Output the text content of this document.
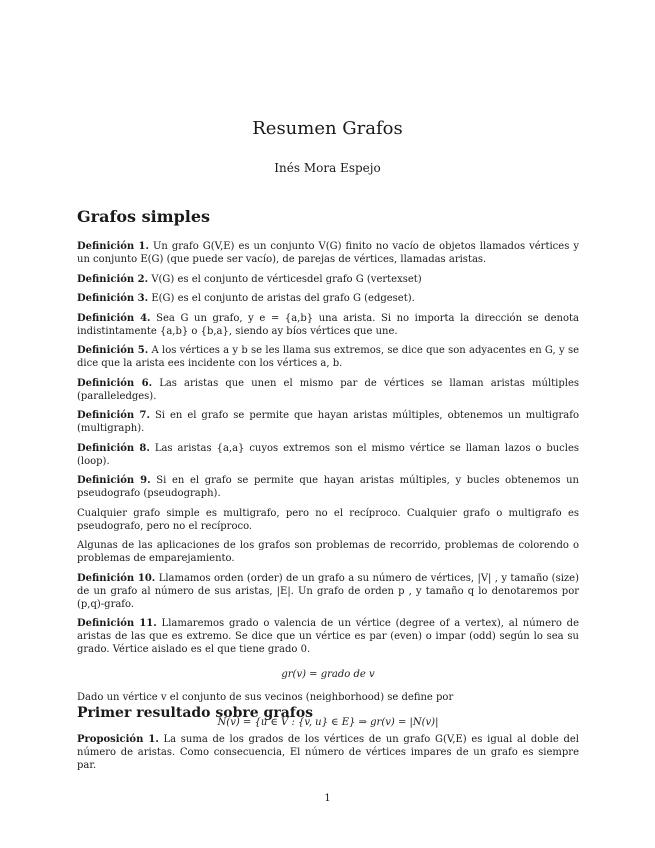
Resumen Grafos
Inés Mora Espejo
Grafos simples

Definición 1. Un grafo G(V,E) es un conjunto V(G) finito no vacío de objetos llamados vértices y un conjunto E(G) (que puede ser vacío), de parejas de vértices, llamadas aristas.

Definición 2. V(G) es el conjunto de vérticesdel grafo G (vertexset)

Definición 3. E(G) es el conjunto de aristas del grafo G (edgeset).

Definición 4. Sea G un grafo, y e = {a,b} una arista. Si no importa la dirección se denota indistintamente {a,b} o {b,a}, siendo ay bíos vértices que une.

Definición 5. A los vértices a y b se les llama sus extremos, se dice que son adyacentes en G, y se dice que la arista ees incidente con los vértices a, b.

Definición 6. Las aristas que unen el mismo par de vértices se llaman aristas múltiples (paralleledges).

Definición 7. Si en el grafo se permite que hayan aristas múltiples, obtenemos un multigrafo (multigraph).

Definición 8. Las aristas {a,a} cuyos extremos son el mismo vértice se llaman lazos o bucles (loop).

Definición 9. Si en el grafo se permite que hayan aristas múltiples, y bucles obtenemos un pseudografo (pseudograph).

Cualquier grafo simple es multigrafo, pero no el recíproco. Cualquier grafo o multigrafo es pseudografo, pero no el recíproco.

Algunas de las aplicaciones de los grafos son problemas de recorrido, problemas de colorendo o problemas de emparejamiento.

Definición 10. Llamamos orden (order) de un grafo a su número de vértices, |V| , y tamaño (size) de un grafo al número de sus aristas, |E|. Un grafo de orden p , y tamaño q lo denotaremos por (p,q)-grafo.

Definición 11. Llamaremos grado o valencia de un vértice (degree of a vertex), al número de aristas de las que es extremo. Se dice que un vértice es par (even) o impar (odd) según lo sea su grado. Vértice aislado es el que tiene grado 0.

gr(v) = grado de v

Dado un vértice v el conjunto de sus vecinos (neighborhood) se define por

N(v) = {u ∈ V : {v, u} ∈ E} ⇒ gr(v) = |N(v)|

Primer resultado sobre grafos

Proposición 1. La suma de los grados de los vértices de un grafo G(V,E) es igual al doble del número de aristas. Como consecuencia, El número de vértices impares de un grafo es siempre par.

1
